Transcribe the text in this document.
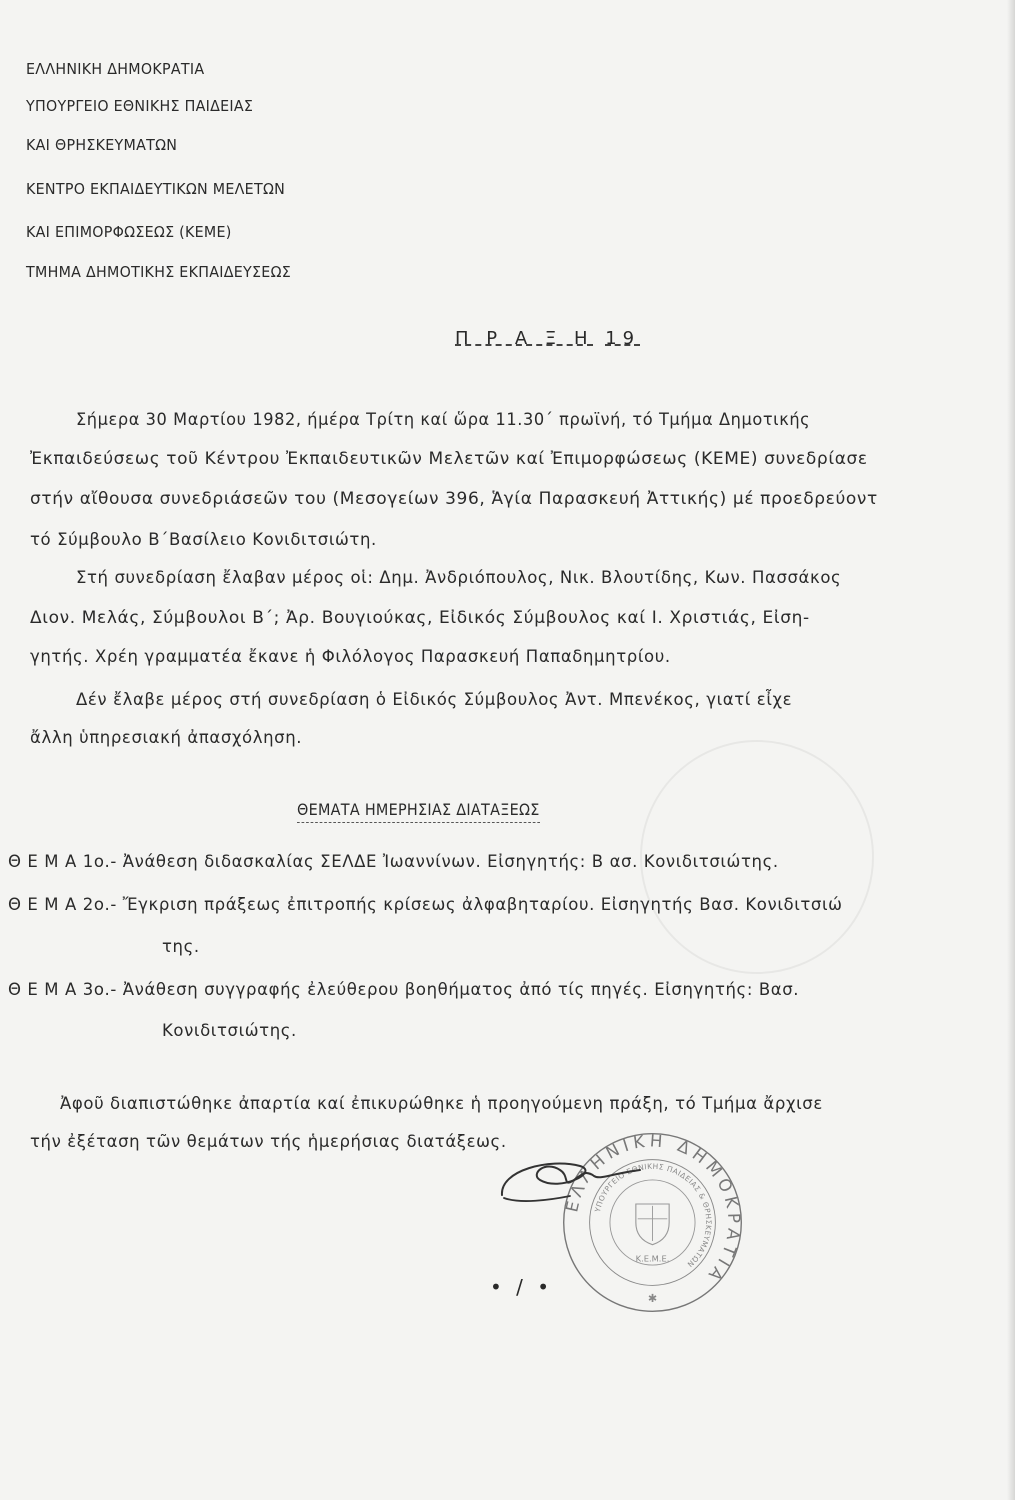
ΕΛΛΗΝΙΚΗ ΔΗΜΟΚΡΑΤΙΑ
ΥΠΟΥΡΓΕΙΟ ΕΘΝΙΚΗΣ ΠΑΙΔΕΙΑΣ
ΚΑΙ ΘΡΗΣΚΕΥΜΑΤΩΝ
ΚΕΝΤΡΟ ΕΚΠΑΙΔΕΥΤΙΚΩΝ ΜΕΛΕΤΩΝ
ΚΑΙ ΕΠΙΜΟΡΦΩΣΕΩΣ (ΚΕΜΕ)
ΤΜΗΜΑ ΔΗΜΟΤΙΚΗΣ ΕΚΠΑΙΔΕΥΣΕΩΣ
Π Ρ Α Ξ Η 19
Σήμερα 30 Μαρτίου 1982, ήμέρα Τρίτη καί ὥρα 11.30΄ πρωϊνή, τό Τμήμα Δημοτικής
Ἐκπαιδεύσεως τοῦ Κέντρου Ἐκπαιδευτικῶν Μελετῶν καί Ἐπιμορφώσεως (ΚΕΜΕ) συνεδρίασε
στήν αἴθουσα συνεδριάσεῶν του (Μεσογείων 396, Ἁγία Παρασκευή Ἀττικής) μέ προεδρεύοντ
τό Σύμβουλο Β΄Βασίλειο Κονιδιτσιώτη.
Στή συνεδρίαση ἔλαβαν μέρος οἱ: Δημ. Ἀνδριόπουλος, Νικ. Βλουτίδης, Κων. Πασσάκος
Διον. Μελάς, Σύμβουλοι Β΄; Ἀρ. Βουγιούκας, Εἰδικός Σύμβουλος καί Ι. Χριστιάς, Εἰση-
γητής. Χρέη γραμματέα ἔκανε ἡ Φιλόλογος Παρασκευή Παπαδημητρίου.
Δέν ἔλαβε μέρος στή συνεδρίαση ὁ Εἰδικός Σύμβουλος Ἀντ. Μπενέκος, γιατί εἶχε
ἄλλη ὑπηρεσιακή ἀπασχόληση.
ΘΕΜΑΤΑ ΗΜΕΡΗΣΙΑΣ ΔΙΑΤΑΞΕΩΣ
Θ Ε Μ Α 1ο.- Ἀνάθεση διδασκαλίας ΣΕΛΔΕ Ἰωαννίνων. Εἰσηγητής: Β ασ. Κονιδιτσιώτης.
Θ Ε Μ Α 2ο.- Ἔγκριση πράξεως ἐπιτροπής κρίσεως ἀλφαβηταρίου. Εἰσηγητής Βασ. Κονιδιτσιώ
της.
Θ Ε Μ Α 3ο.- Ἀνάθεση συγγραφής ἐλεύθερου βοηθήματος ἀπό τίς πηγές. Εἰσηγητής: Βασ.
Κονιδιτσιώτης.
Ἀφοῦ διαπιστώθηκε ἀπαρτία καί ἐπικυρώθηκε ἡ προηγούμενη πράξη, τό Τμήμα ἄρχισε
τήν ἐξέταση τῶν θεμάτων τής ἡμερήσιας διατάξεως.
ΕΛΛΗΝΙΚΗ ΔΗΜΟΚΡΑΤΙΑ
ΥΠΟΥΡΓΕΙΟ ΕΘΝΙΚΗΣ ΠΑΙΔΕΙΑΣ & ΘΡΗΣΚΕΥΜΑΤΩΝ
Κ.Ε.Μ.Ε.
✱
• / •
